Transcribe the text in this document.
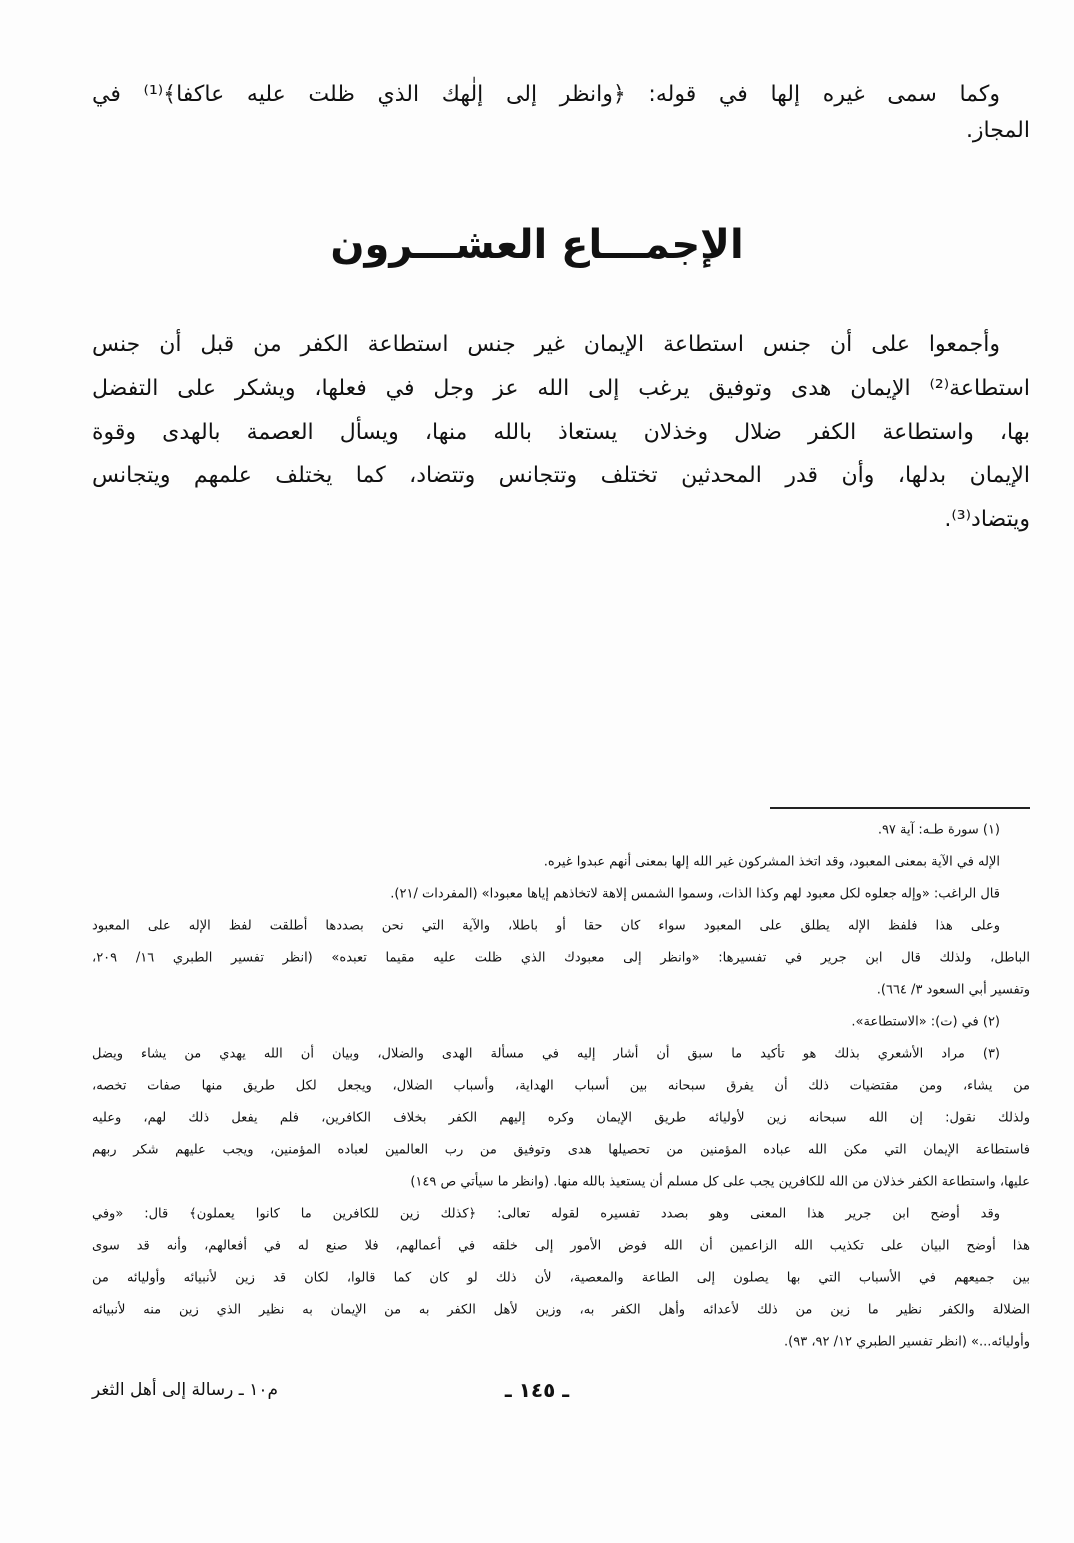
وكما سمى غيره إلها في قوله: ﴿وانظر إلى إلٰهك الذي ظلت عليه عاكفا﴾⁽¹⁾ في
المجاز.
الإجمـــاع العشـــرون
وأجمعوا على أن جنس استطاعة الإيمان غير جنس استطاعة الكفر من قبل أن جنس
استطاعة⁽²⁾ الإيمان هدى وتوفيق يرغب إلى الله عز وجل في فعلها، ويشكر على التفضل
بها، واستطاعة الكفر ضلال وخذلان يستعاذ بالله منها، ويسأل العصمة بالهدى وقوة
الإيمان بدلها، وأن قدر المحدثين تختلف وتتجانس وتتضاد، كما يختلف علمهم ويتجانس
ويتضاد⁽³⁾.
(١) سورة طـه: آية ٩٧.
الإله في الآية بمعنى المعبود، وقد اتخذ المشركون غير الله إلها بمعنى أنهم عبدوا غيره.
قال الراغب: «وإله جعلوه لكل معبود لهم وكذا الذات، وسموا الشمس إلاهة لاتخاذهم إياها معبودا» (المفردات /٢١).
وعلى هذا فلفظ الإله يطلق على المعبود سواء كان حقا أو باطلا، والآية التي نحن بصددها أطلقت لفظ الإله على المعبود
الباطل، ولذلك قال ابن جرير في تفسيرها: «وانظر إلى معبودك الذي ظلت عليه مقيما تعبده» (انظر تفسير الطبري ١٦/ ٢٠٩،
وتفسير أبي السعود ٣/ ٦٦٤).
(٢) في (ت): «الاستطاعة».
(٣) مراد الأشعري بذلك هو تأكيد ما سبق أن أشار إليه في مسألة الهدى والضلال، وبيان أن الله يهدي من يشاء ويضل
من يشاء، ومن مقتضيات ذلك أن يفرق سبحانه بين أسباب الهداية، وأسباب الضلال، ويجعل لكل طريق منها صفات تخصه،
ولذلك نقول: إن الله سبحانه زين لأوليائه طريق الإيمان وكره إليهم الكفر بخلاف الكافرين، فلم يفعل ذلك لهم، وعليه
فاستطاعة الإيمان التي مكن الله عباده المؤمنين من تحصيلها هدى وتوفيق من رب العالمين لعباده المؤمنين، ويجب عليهم شكر ربهم
عليها، واستطاعة الكفر خذلان من الله للكافرين يجب على كل مسلم أن يستعيذ بالله منها. (وانظر ما سيأتي ص ١٤٩)
وقد أوضح ابن جرير هذا المعنى وهو بصدد تفسيره لقوله تعالى: ﴿كذلك زين للكافرين ما كانوا يعملون﴾ قال: «وفي
هذا أوضح البيان على تكذيب الله الزاعمين أن الله فوض الأمور إلى خلقه في أعمالهم، فلا صنع له في أفعالهم، وأنه قد سوى
بين جميعهم في الأسباب التي بها يصلون إلى الطاعة والمعصية، لأن ذلك لو كان كما قالوا، لكان قد زين لأنبيائه وأوليائه من
الضلالة والكفر نظير ما زين من ذلك لأعدائه وأهل الكفر به، وزين لأهل الكفر به من الإيمان به نظير الذي زين منه لأنبيائه
وأوليائه...» (انظر تفسير الطبري ١٢/ ٩٢، ٩٣).
ـ ١٤٥ ـ
م١٠ ـ رسالة إلى أهل الثغر
